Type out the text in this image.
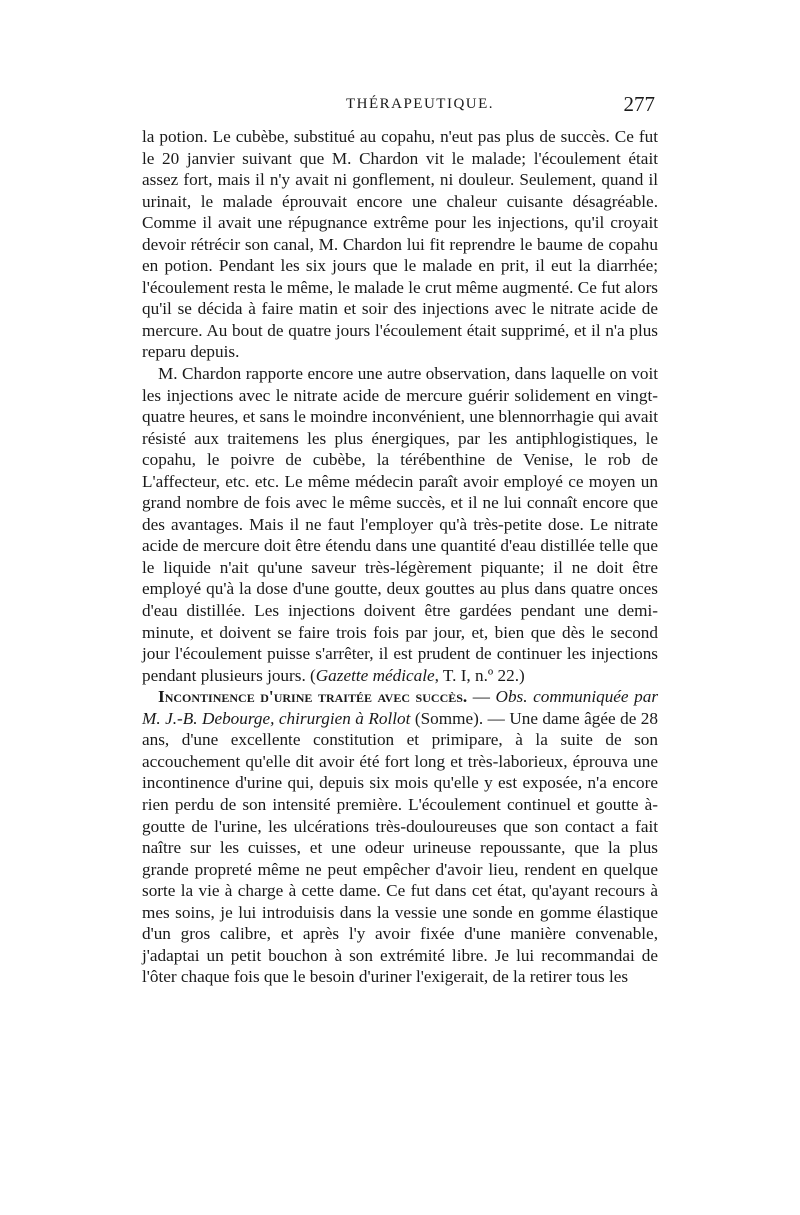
THÉRAPEUTIQUE.	277

la potion. Le cubèbe, substitué au copahu, n'eut pas plus de succès. Ce fut le 20 janvier suivant que M. Chardon vit le malade; l'écoulement était assez fort, mais il n'y avait ni gonflement, ni douleur. Seulement, quand il urinait, le malade éprouvait encore une chaleur cuisante désagréable. Comme il avait une répugnance extrême pour les injections, qu'il croyait devoir rétrécir son canal, M. Chardon lui fit reprendre le baume de copahu en potion. Pendant les six jours que le malade en prit, il eut la diarrhée; l'écoulement resta le même, le malade le crut même augmenté. Ce fut alors qu'il se décida à faire matin et soir des injections avec le nitrate acide de mercure. Au bout de quatre jours l'écoulement était supprimé, et il n'a plus reparu depuis.

M. Chardon rapporte encore une autre observation, dans laquelle on voit les injections avec le nitrate acide de mercure guérir solidement en vingt-quatre heures, et sans le moindre inconvénient, une blennorrhagie qui avait résisté aux traitemens les plus énergiques, par les antiphlogistiques, le copahu, le poivre de cubèbe, la térébenthine de Venise, le rob de L'affecteur, etc. etc. Le même médecin paraît avoir employé ce moyen un grand nombre de fois avec le même succès, et il ne lui connaît encore que des avantages. Mais il ne faut l'employer qu'à très-petite dose. Le nitrate acide de mercure doit être étendu dans une quantité d'eau distillée telle que le liquide n'ait qu'une saveur très-légèrement piquante; il ne doit être employé qu'à la dose d'une goutte, deux gouttes au plus dans quatre onces d'eau distillée. Les injections doivent être gardées pendant une demi-minute, et doivent se faire trois fois par jour, et, bien que dès le second jour l'écoulement puisse s'arrêter, il est prudent de continuer les injections pendant plusieurs jours. (Gazette médicale, T. I, n.º 22.)

Incontinence d'urine traitée avec succès. — Obs. communiquée par M. J.-B. Debourge, chirurgien à Rollot (Somme). — Une dame âgée de 28 ans, d'une excellente constitution et primipare, à la suite de son accouchement qu'elle dit avoir été fort long et très-laborieux, éprouva une incontinence d'urine qui, depuis six mois qu'elle y est exposée, n'a encore rien perdu de son intensité première. L'écoulement continuel et goutte à-goutte de l'urine, les ulcérations très-douloureuses que son contact a fait naître sur les cuisses, et une odeur urineuse repoussante, que la plus grande propreté même ne peut empêcher d'avoir lieu, rendent en quelque sorte la vie à charge à cette dame. Ce fut dans cet état, qu'ayant recours à mes soins, je lui introduisis dans la vessie une sonde en gomme élastique d'un gros calibre, et après l'y avoir fixée d'une manière convenable, j'adaptai un petit bouchon à son extrémité libre. Je lui recommandai de l'ôter chaque fois que le besoin d'uriner l'exigerait, de la retirer tous les
